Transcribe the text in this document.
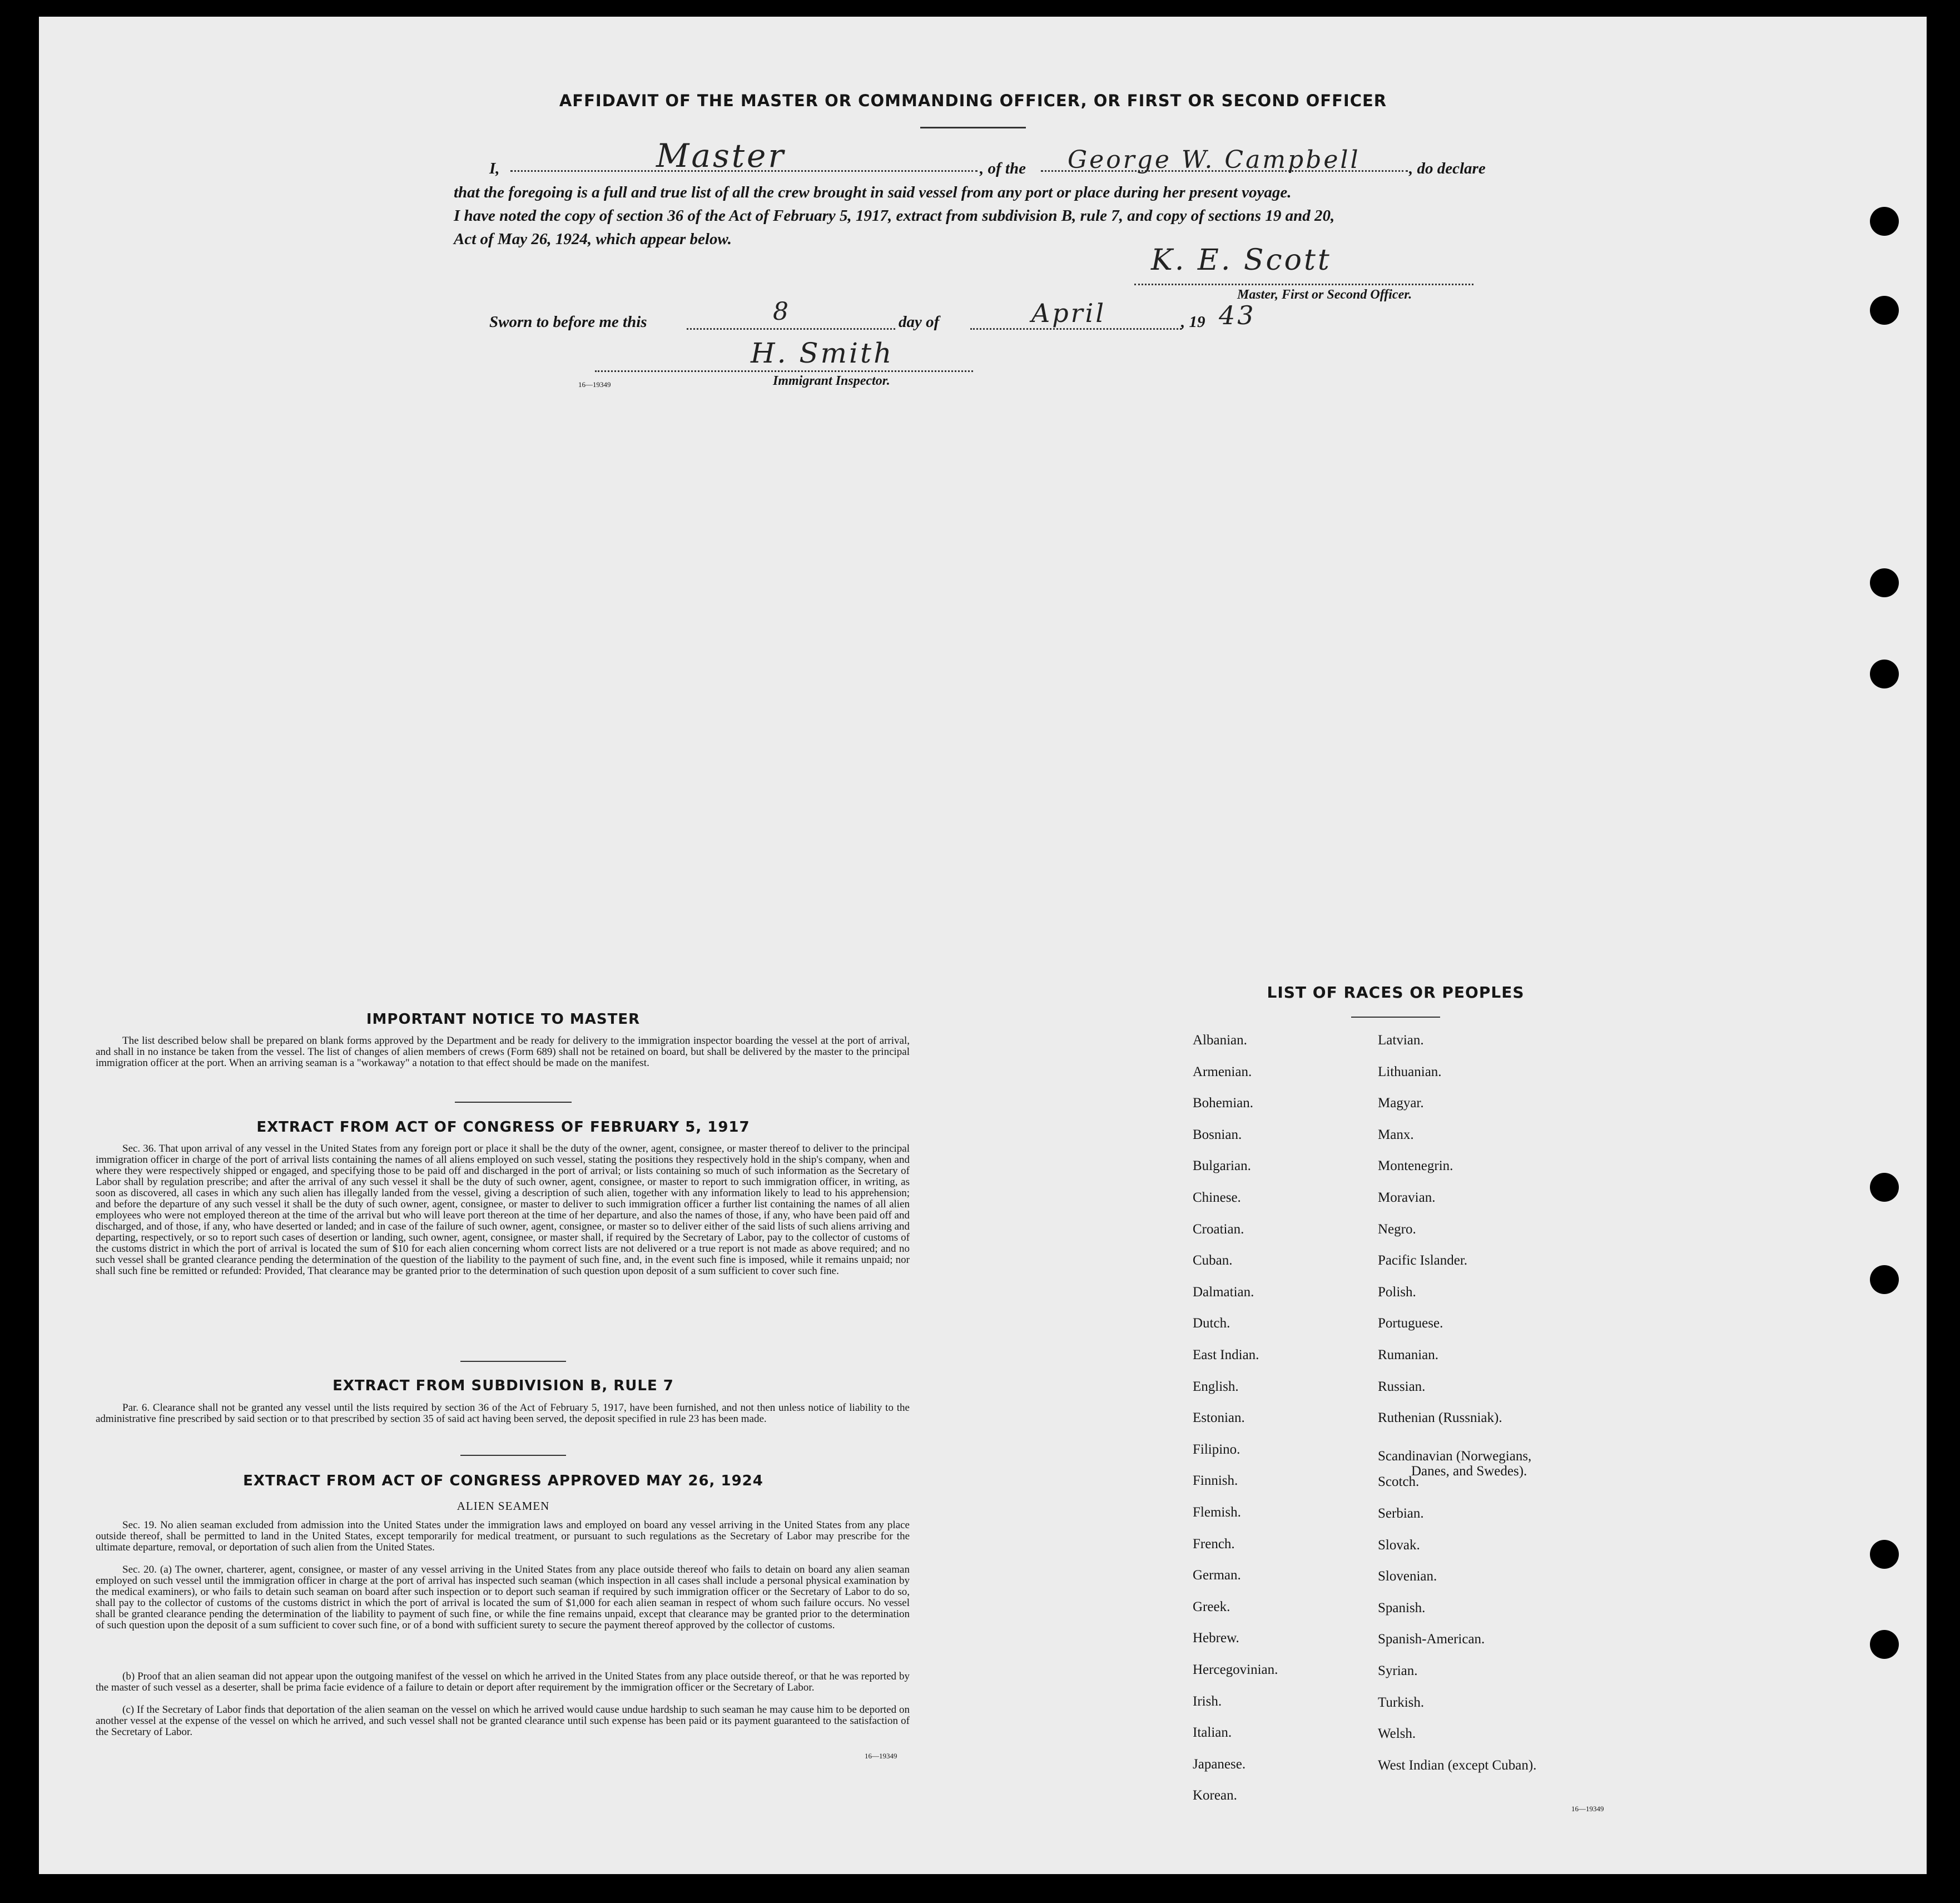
AFFIDAVIT OF THE MASTER OR COMMANDING OFFICER, OR FIRST OR SECOND OFFICER
I,	Master	, of the George W. Campbell	, do declare
that the foregoing is a full and true list of all the crew brought in said vessel from any port or place during her present voyage.
I have noted the copy of section 36 of the Act of February 5, 1917, extract from subdivision B, rule 7, and copy of sections 19 and 20,
Act of May 26, 1924, which appear below.
K. E. Scott
Master, First or Second Officer.
Sworn to before me this	8	day of	April	, 19 43
H. Smith
16—19349	Immigrant Inspector.
IMPORTANT NOTICE TO MASTER
The list described below shall be prepared on blank forms approved by the Department and be ready for delivery to the immigration inspector boarding the vessel at the port of arrival, and shall in no instance be taken from the vessel. The list of changes of alien members of crews (Form 689) shall not be retained on board, but shall be delivered by the master to the principal immigration officer at the port. When an arriving seaman is a "workaway" a notation to that effect should be made on the manifest.
EXTRACT FROM ACT OF CONGRESS OF FEBRUARY 5, 1917
Sec. 36. That upon arrival of any vessel in the United States from any foreign port or place it shall be the duty of the owner, agent, consignee, or master thereof to deliver to the principal immigration officer in charge of the port of arrival lists containing the names of all aliens employed on such vessel, stating the positions they respectively hold in the ship's company, when and where they were respectively shipped or engaged, and specifying those to be paid off and discharged in the port of arrival; or lists containing so much of such information as the Secretary of Labor shall by regulation prescribe; and after the arrival of any such vessel it shall be the duty of such owner, agent, consignee, or master to report to such immigration officer, in writing, as soon as discovered, all cases in which any such alien has illegally landed from the vessel, giving a description of such alien, together with any information likely to lead to his apprehension; and before the departure of any such vessel it shall be the duty of such owner, agent, consignee, or master to deliver to such immigration officer a further list containing the names of all alien employees who were not employed thereon at the time of the arrival but who will leave port thereon at the time of her departure, and also the names of those, if any, who have been paid off and discharged, and of those, if any, who have deserted or landed; and in case of the failure of such owner, agent, consignee, or master so to deliver either of the said lists of such aliens arriving and departing, respectively, or so to report such cases of desertion or landing, such owner, agent, consignee, or master shall, if required by the Secretary of Labor, pay to the collector of customs of the customs district in which the port of arrival is located the sum of $10 for each alien concerning whom correct lists are not delivered or a true report is not made as above required; and no such vessel shall be granted clearance pending the determination of the question of the liability to the payment of such fine, and, in the event such fine is imposed, while it remains unpaid; nor shall such fine be remitted or refunded: Provided, That clearance may be granted prior to the determination of such question upon deposit of a sum sufficient to cover such fine.
EXTRACT FROM SUBDIVISION B, RULE 7
Par. 6. Clearance shall not be granted any vessel until the lists required by section 36 of the Act of February 5, 1917, have been furnished, and not then unless notice of liability to the administrative fine prescribed by said section or to that prescribed by section 35 of said act having been served, the deposit specified in rule 23 has been made.
EXTRACT FROM ACT OF CONGRESS APPROVED MAY 26, 1924
ALIEN SEAMEN
Sec. 19. No alien seaman excluded from admission into the United States under the immigration laws and employed on board any vessel arriving in the United States from any place outside thereof, shall be permitted to land in the United States, except temporarily for medical treatment, or pursuant to such regulations as the Secretary of Labor may prescribe for the ultimate departure, removal, or deportation of such alien from the United States.
Sec. 20. (a) The owner, charterer, agent, consignee, or master of any vessel arriving in the United States from any place outside thereof who fails to detain on board any alien seaman employed on such vessel until the immigration officer in charge at the port of arrival has inspected such seaman (which inspection in all cases shall include a personal physical examination by the medical examiners), or who fails to detain such seaman on board after such inspection or to deport such seaman if required by such immigration officer or the Secretary of Labor to do so, shall pay to the collector of customs of the customs district in which the port of arrival is located the sum of $1,000 for each alien seaman in respect of whom such failure occurs. No vessel shall be granted clearance pending the determination of the liability to payment of such fine, or while the fine remains unpaid, except that clearance may be granted prior to the determination of such question upon the deposit of a sum sufficient to cover such fine, or of a bond with sufficient surety to secure the payment thereof approved by the collector of customs.
(b) Proof that an alien seaman did not appear upon the outgoing manifest of the vessel on which he arrived in the United States from any place outside thereof, or that he was reported by the master of such vessel as a deserter, shall be prima facie evidence of a failure to detain or deport after requirement by the immigration officer or the Secretary of Labor.
(c) If the Secretary of Labor finds that deportation of the alien seaman on the vessel on which he arrived would cause undue hardship to such seaman he may cause him to be deported on another vessel at the expense of the vessel on which he arrived, and such vessel shall not be granted clearance until such expense has been paid or its payment guaranteed to the satisfaction of the Secretary of Labor.
16—19349
LIST OF RACES OR PEOPLES
Albanian.
Armenian.
Bohemian.
Bosnian.
Bulgarian.
Chinese.
Croatian.
Cuban.
Dalmatian.
Dutch.
East Indian.
English.
Estonian.
Filipino.
Finnish.
Flemish.
French.
German.
Greek.
Hebrew.
Hercegovinian.
Irish.
Italian.
Japanese.
Korean.
Latvian.
Lithuanian.
Magyar.
Manx.
Montenegrin.
Moravian.
Negro.
Pacific Islander.
Polish.
Portuguese.
Rumanian.
Russian.
Ruthenian (Russniak).
Scandinavian (Norwegians,
Danes, and Swedes).
Scotch.
Serbian.
Slovak.
Slovenian.
Spanish.
Spanish-American.
Syrian.
Turkish.
Welsh.
West Indian (except Cuban).
16—19349
